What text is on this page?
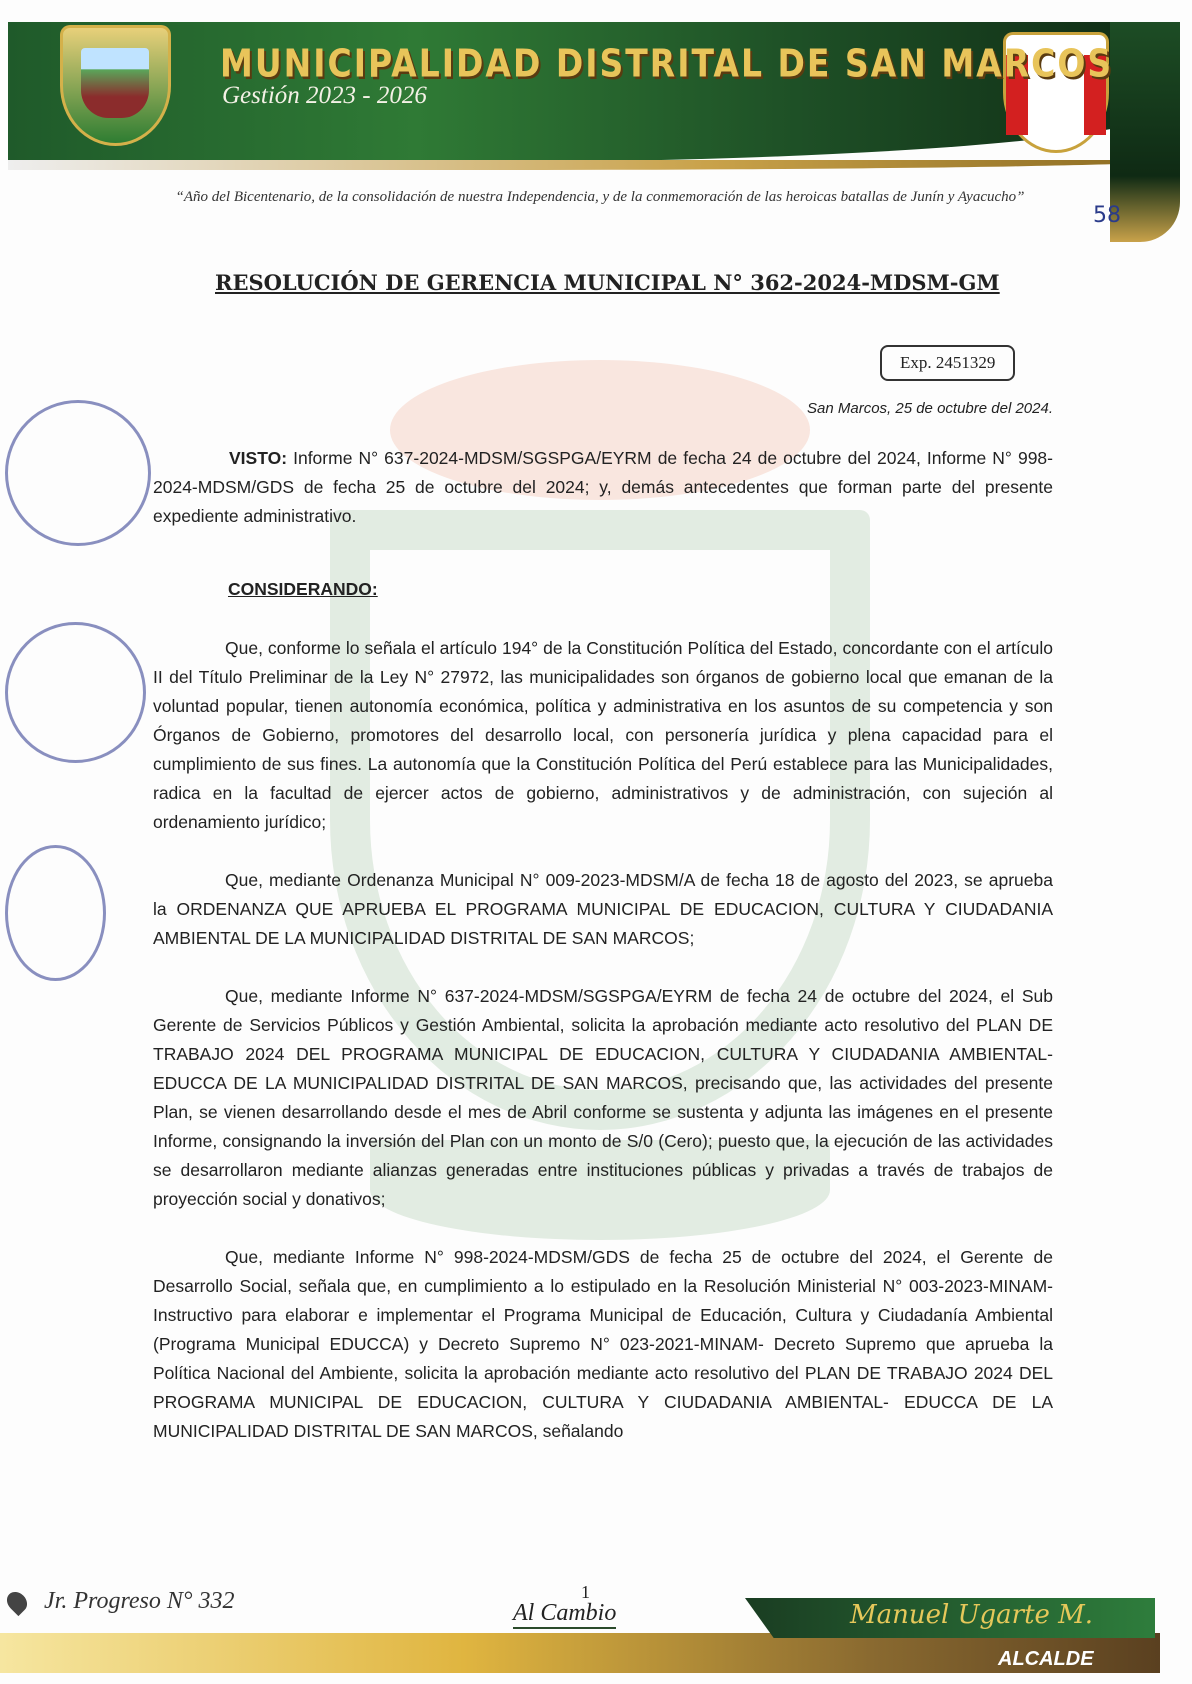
MUNICIPALIDAD DISTRITAL DE SAN MARCOS
Gestión 2023 - 2026
“Año del Bicentenario, de la consolidación de nuestra Independencia, y de la conmemoración de las heroicas batallas de Junín y Ayacucho”
58
RESOLUCIÓN DE GERENCIA MUNICIPAL N° 362-2024-MDSM-GM
Exp. 2451329
San Marcos, 25 de octubre del 2024.

VISTO: Informe N° 637-2024-MDSM/SGSPGA/EYRM de fecha 24 de octubre del 2024, Informe N° 998-2024-MDSM/GDS de fecha 25 de octubre del 2024; y, demás antecedentes que forman parte del presente expediente administrativo.

CONSIDERANDO:

Que, conforme lo señala el artículo 194° de la Constitución Política del Estado, concordante con el artículo II del Título Preliminar de la Ley N° 27972, las municipalidades son órganos de gobierno local que emanan de la voluntad popular, tienen autonomía económica, política y administrativa en los asuntos de su competencia y son Órganos de Gobierno, promotores del desarrollo local, con personería jurídica y plena capacidad para el cumplimiento de sus fines. La autonomía que la Constitución Política del Perú establece para las Municipalidades, radica en la facultad de ejercer actos de gobierno, administrativos y de administración, con sujeción al ordenamiento jurídico;

Que, mediante Ordenanza Municipal N° 009-2023-MDSM/A de fecha 18 de agosto del 2023, se aprueba la ORDENANZA QUE APRUEBA EL PROGRAMA MUNICIPAL DE EDUCACION, CULTURA Y CIUDADANIA AMBIENTAL DE LA MUNICIPALIDAD DISTRITAL DE SAN MARCOS;

Que, mediante Informe N° 637-2024-MDSM/SGSPGA/EYRM de fecha 24 de octubre del 2024, el Sub Gerente de Servicios Públicos y Gestión Ambiental, solicita la aprobación mediante acto resolutivo del PLAN DE TRABAJO 2024 DEL PROGRAMA MUNICIPAL DE EDUCACION, CULTURA Y CIUDADANIA AMBIENTAL- EDUCCA DE LA MUNICIPALIDAD DISTRITAL DE SAN MARCOS, precisando que, las actividades del presente Plan, se vienen desarrollando desde el mes de Abril conforme se sustenta y adjunta las imágenes en el presente Informe, consignando la inversión del Plan con un monto de S/0 (Cero); puesto que, la ejecución de las actividades se desarrollaron mediante alianzas generadas entre instituciones públicas y privadas a través de trabajos de proyección social y donativos;

Que, mediante Informe N° 998-2024-MDSM/GDS de fecha 25 de octubre del 2024, el Gerente de Desarrollo Social, señala que, en cumplimiento a lo estipulado en la Resolución Ministerial N° 003-2023-MINAM- Instructivo para elaborar e implementar el Programa Municipal de Educación, Cultura y Ciudadanía Ambiental (Programa Municipal EDUCCA) y Decreto Supremo N° 023-2021-MINAM- Decreto Supremo que aprueba la Política Nacional del Ambiente, solicita la aprobación mediante acto resolutivo del PLAN DE TRABAJO 2024 DEL PROGRAMA MUNICIPAL DE EDUCACION, CULTURA Y CIUDADANIA AMBIENTAL- EDUCCA DE LA MUNICIPALIDAD DISTRITAL DE SAN MARCOS, señalando

Jr. Progreso N° 332	1
Al Cambio	Manuel Ugarte M.
ALCALDE
